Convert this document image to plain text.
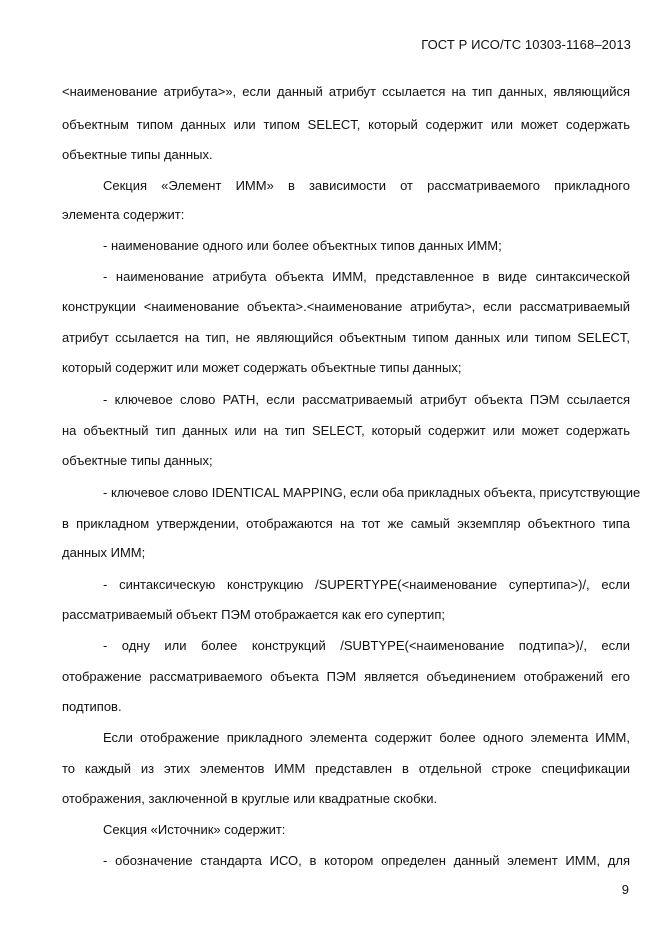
ГОСТ Р ИСО/ТС 10303-1168–2013
<наименование атрибута>», если данный атрибут ссылается на тип данных, являющийся
объектным типом данных или типом SELECT, который содержит или может содержать
объектные типы данных.
Секция «Элемент ИММ» в зависимости от рассматриваемого прикладного
элемента содержит:
- наименование одного или более объектных типов данных ИММ;
- наименование атрибута объекта ИММ, представленное в виде синтаксической
конструкции <наименование объекта>.<наименование атрибута>, если рассматриваемый
атрибут ссылается на тип, не являющийся объектным типом данных или типом SELECT,
который содержит или может содержать объектные типы данных;
- ключевое слово PATH, если рассматриваемый атрибут объекта ПЭМ ссылается
на объектный тип данных или на тип SELECT, который содержит или может содержать
объектные типы данных;
- ключевое слово IDENTICAL MAPPING, если оба прикладных объекта, присутствующие
в прикладном утверждении, отображаются на тот же самый экземпляр объектного типа
данных ИММ;
- синтаксическую конструкцию /SUPERTYPE(<наименование супертипа>)/, если
рассматриваемый объект ПЭМ отображается как его супертип;
- одну или более конструкций /SUBTYPE(<наименование подтипа>)/, если
отображение рассматриваемого объекта ПЭМ является объединением отображений его
подтипов.
Если отображение прикладного элемента содержит более одного элемента ИММ,
то каждый из этих элементов ИММ представлен в отдельной строке спецификации
отображения, заключенной в круглые или квадратные скобки.
Секция «Источник» содержит:
- обозначение стандарта ИСО, в котором определен данный элемент ИММ, для
9
